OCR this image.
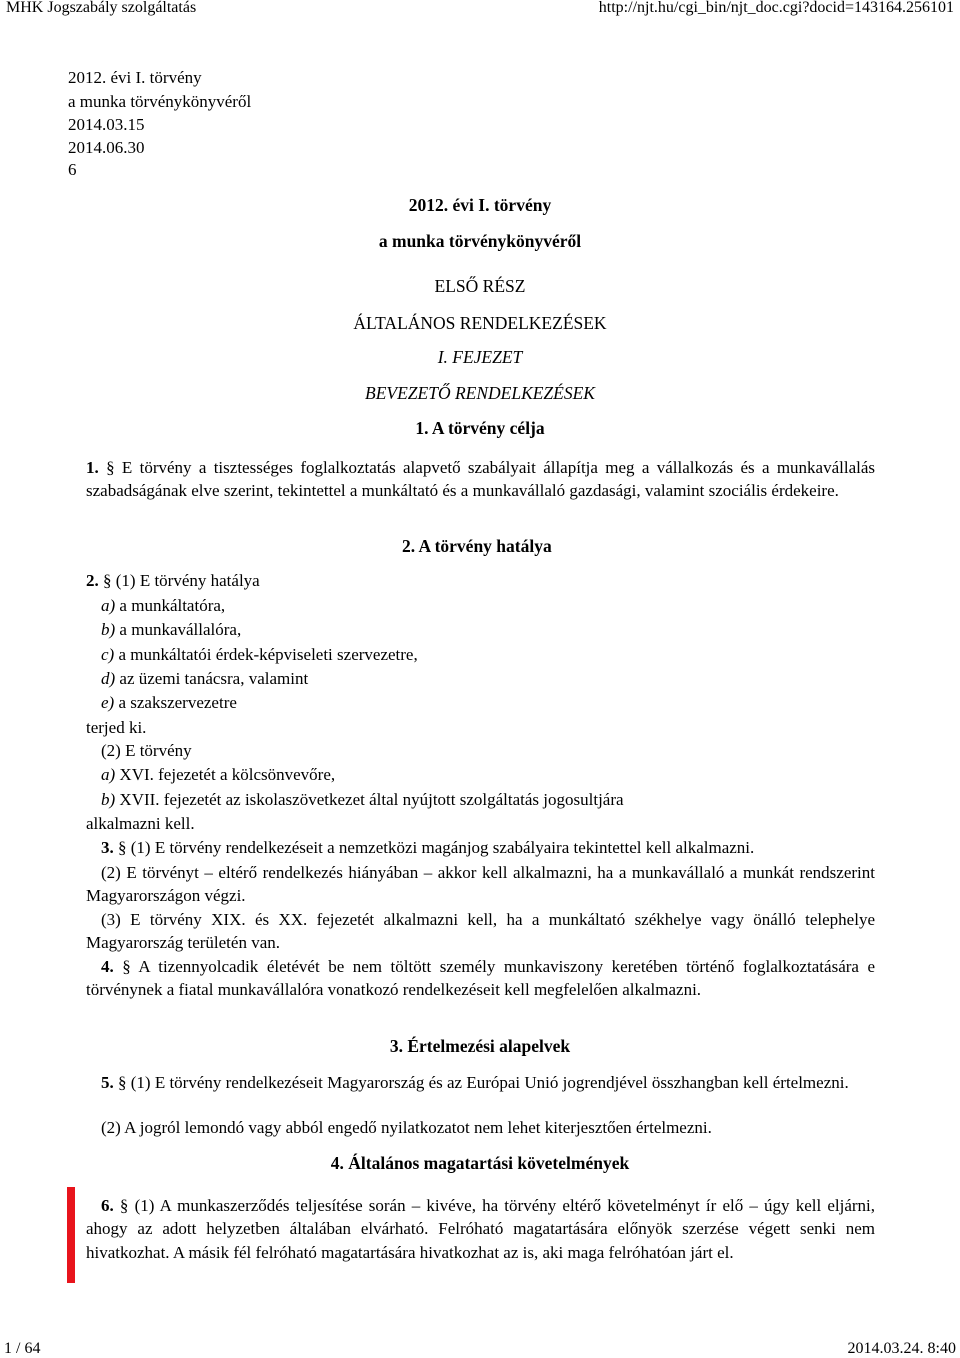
MHK Jogszabály szolgáltatás	http://njt.hu/cgi_bin/njt_doc.cgi?docid=143164.256101
2012. évi I. törvény
a munka törvénykönyvéről
2014.03.15
2014.06.30
6
2012. évi I. törvény
a munka törvénykönyvéről
ELSŐ RÉSZ
ÁLTALÁNOS RENDELKEZÉSEK
I. FEJEZET
BEVEZETŐ RENDELKEZÉSEK
1. A törvény célja
1. § E törvény a tisztességes foglalkoztatás alapvető szabályait állapítja meg a vállalkozás és a munkavállalás szabadságának elve szerint, tekintettel a munkáltató és a munkavállaló gazdasági, valamint szociális érdekeire.
2. A törvény hatálya
2. § (1) E törvény hatálya
a) a munkáltatóra,
b) a munkavállalóra,
c) a munkáltatói érdek-képviseleti szervezetre,
d) az üzemi tanácsra, valamint
e) a szakszervezetre
terjed ki.
(2) E törvény
a) XVI. fejezetét a kölcsönvevőre,
b) XVII. fejezetét az iskolaszövetkezet által nyújtott szolgáltatás jogosultjára
alkalmazni kell.
3. § (1) E törvény rendelkezéseit a nemzetközi magánjog szabályaira tekintettel kell alkalmazni.
(2) E törvényt – eltérő rendelkezés hiányában – akkor kell alkalmazni, ha a munkavállaló a munkát rendszerint Magyarországon végzi.
(3) E törvény XIX. és XX. fejezetét alkalmazni kell, ha a munkáltató székhelye vagy önálló telephelye Magyarország területén van.
4. § A tizennyolcadik életévét be nem töltött személy munkaviszony keretében történő foglalkoztatására e törvénynek a fiatal munkavállalóra vonatkozó rendelkezéseit kell megfelelően alkalmazni.
3. Értelmezési alapelvek
5. § (1) E törvény rendelkezéseit Magyarország és az Európai Unió jogrendjével összhangban kell értelmezni.
(2) A jogról lemondó vagy abból engedő nyilatkozatot nem lehet kiterjesztően értelmezni.
4. Általános magatartási követelmények
6. § (1) A munkaszerződés teljesítése során – kivéve, ha törvény eltérő követelményt ír elő – úgy kell eljárni, ahogy az adott helyzetben általában elvárható. Felróható magatartására előnyök szerzése végett senki nem hivatkozhat. A másik fél felróható magatartására hivatkozhat az is, aki maga felróhatóan járt el.
1 / 64	2014.03.24. 8:40
